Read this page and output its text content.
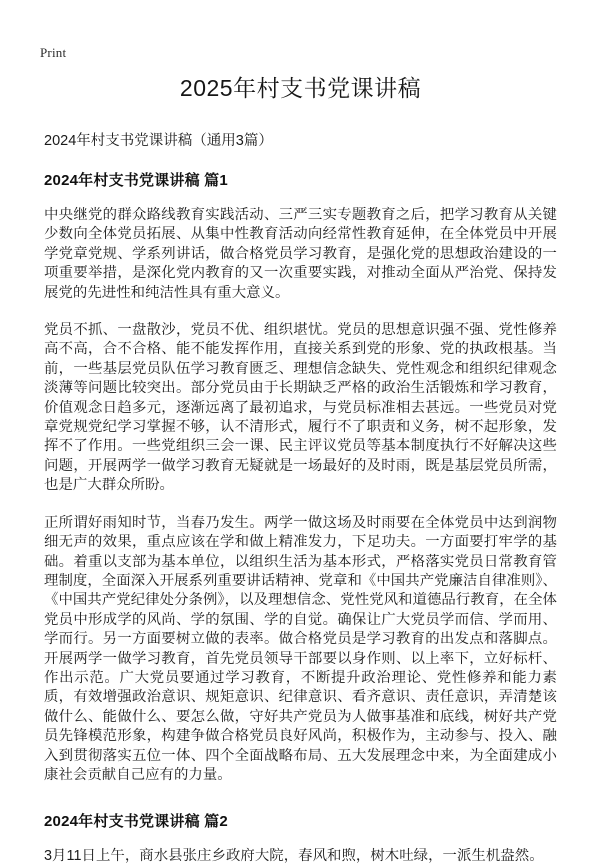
Print
2025年村支书党课讲稿

2024年村支书党课讲稿（通用3篇）

2024年村支书党课讲稿 篇1

中央继党的群众路线教育实践活动、三严三实专题教育之后，把学习教育从关键少数向全体党员拓展、从集中性教育活动向经常性教育延伸，在全体党员中开展学党章党规、学系列讲话，做合格党员学习教育，是强化党的思想政治建设的一项重要举措，是深化党内教育的又一次重要实践，对推动全面从严治党、保持发展党的先进性和纯洁性具有重大意义。

党员不抓、一盘散沙，党员不优、组织堪忧。党员的思想意识强不强、党性修养高不高，合不合格、能不能发挥作用，直接关系到党的形象、党的执政根基。当前，一些基层党员队伍学习教育匮乏、理想信念缺失、党性观念和组织纪律观念淡薄等问题比较突出。部分党员由于长期缺乏严格的政治生活锻炼和学习教育，价值观念日趋多元，逐渐远离了最初追求，与党员标准相去甚远。一些党员对党章党规党纪学习掌握不够，认不清形式，履行不了职责和义务，树不起形象，发挥不了作用。一些党组织三会一课、民主评议党员等基本制度执行不好解决这些问题，开展两学一做学习教育无疑就是一场最好的及时雨，既是基层党员所需，也是广大群众所盼。

正所谓好雨知时节，当春乃发生。两学一做这场及时雨要在全体党员中达到润物细无声的效果，重点应该在学和做上精准发力，下足功夫。一方面要打牢学的基础。着重以支部为基本单位，以组织生活为基本形式，严格落实党员日常教育管理制度，全面深入开展系列重要讲话精神、党章和《中国共产党廉洁自律准则》、《中国共产党纪律处分条例》，以及理想信念、党性党风和道德品行教育，在全体党员中形成学的风尚、学的氛围、学的自觉。确保让广大党员学而信、学而用、学而行。另一方面要树立做的表率。做合格党员是学习教育的出发点和落脚点。开展两学一做学习教育，首先党员领导干部要以身作则、以上率下，立好标杆、作出示范。广大党员要通过学习教育，不断提升政治理论、党性修养和能力素质，有效增强政治意识、规矩意识、纪律意识、看齐意识、责任意识，弄清楚该做什么、能做什么、要怎么做，守好共产党员为人做事基准和底线，树好共产党员先锋模范形象，构建争做合格党员良好风尚，积极作为，主动参与、投入、融入到贯彻落实五位一体、四个全面战略布局、五大发展理念中来，为全面建成小康社会贡献自己应有的力量。

2024年村支书党课讲稿 篇2

3月11日上午，商水县张庄乡政府大院，春风和煦，树木吐绿，一派生机盎然。
